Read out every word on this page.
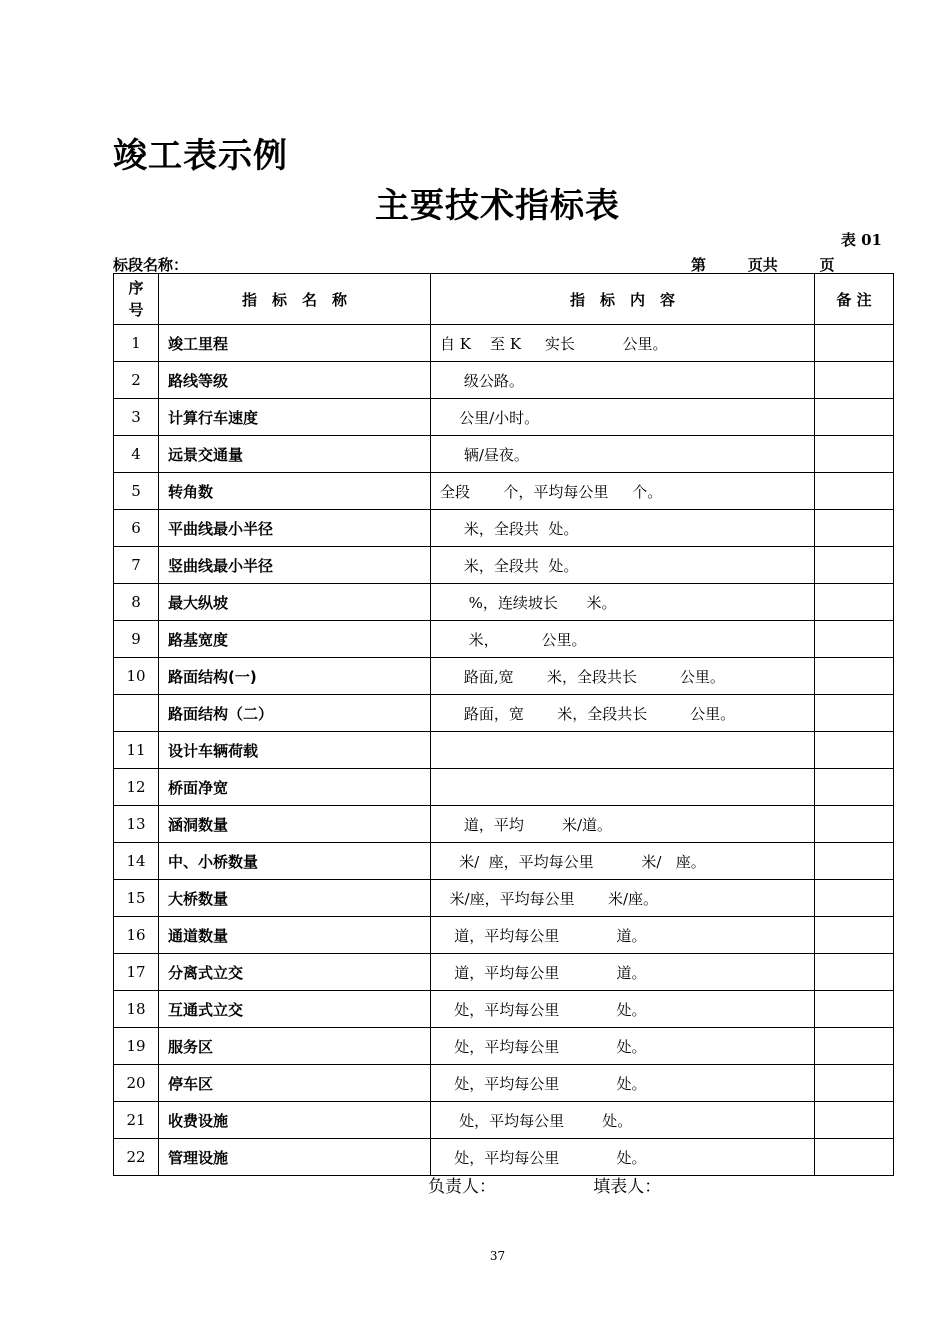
竣工表示例
主要技术指标表
表 01
标段名称：	第        页共        页
序
号	指　标　名　称	指　标　内　容	备 注
1	竣工里程	自 K    至 K     实长          公里。	
2	路线等级	级公路。	
3	计算行车速度	公里/小时。	
4	远景交通量	辆/昼夜。	
5	转角数	全段       个，平均每公里     个。	
6	平曲线最小半径	米，全段共  处。	
7	竖曲线最小半径	米，全段共  处。	
8	最大纵坡	%，连续坡长      米。	
9	路基宽度	米，         公里。	
10	路面结构(一)	路面,宽       米，全段共长         公里。	
	路面结构（二）	路面，宽       米，全段共长         公里。	
11	设计车辆荷载		
12	桥面净宽		
13	涵洞数量	道，平均        米/道。	
14	中、小桥数量	米/  座，平均每公里          米/   座。	
15	大桥数量	米/座，平均每公里       米/座。	
16	通道数量	道，平均每公里            道。	
17	分离式立交	道，平均每公里            道。	
18	互通式立交	处，平均每公里            处。	
19	服务区	处，平均每公里            处。	
20	停车区	处，平均每公里            处。	
21	收费设施	处，平均每公里        处。	
22	管理设施	处，平均每公里            处。	
负责人：                  填表人：
37
